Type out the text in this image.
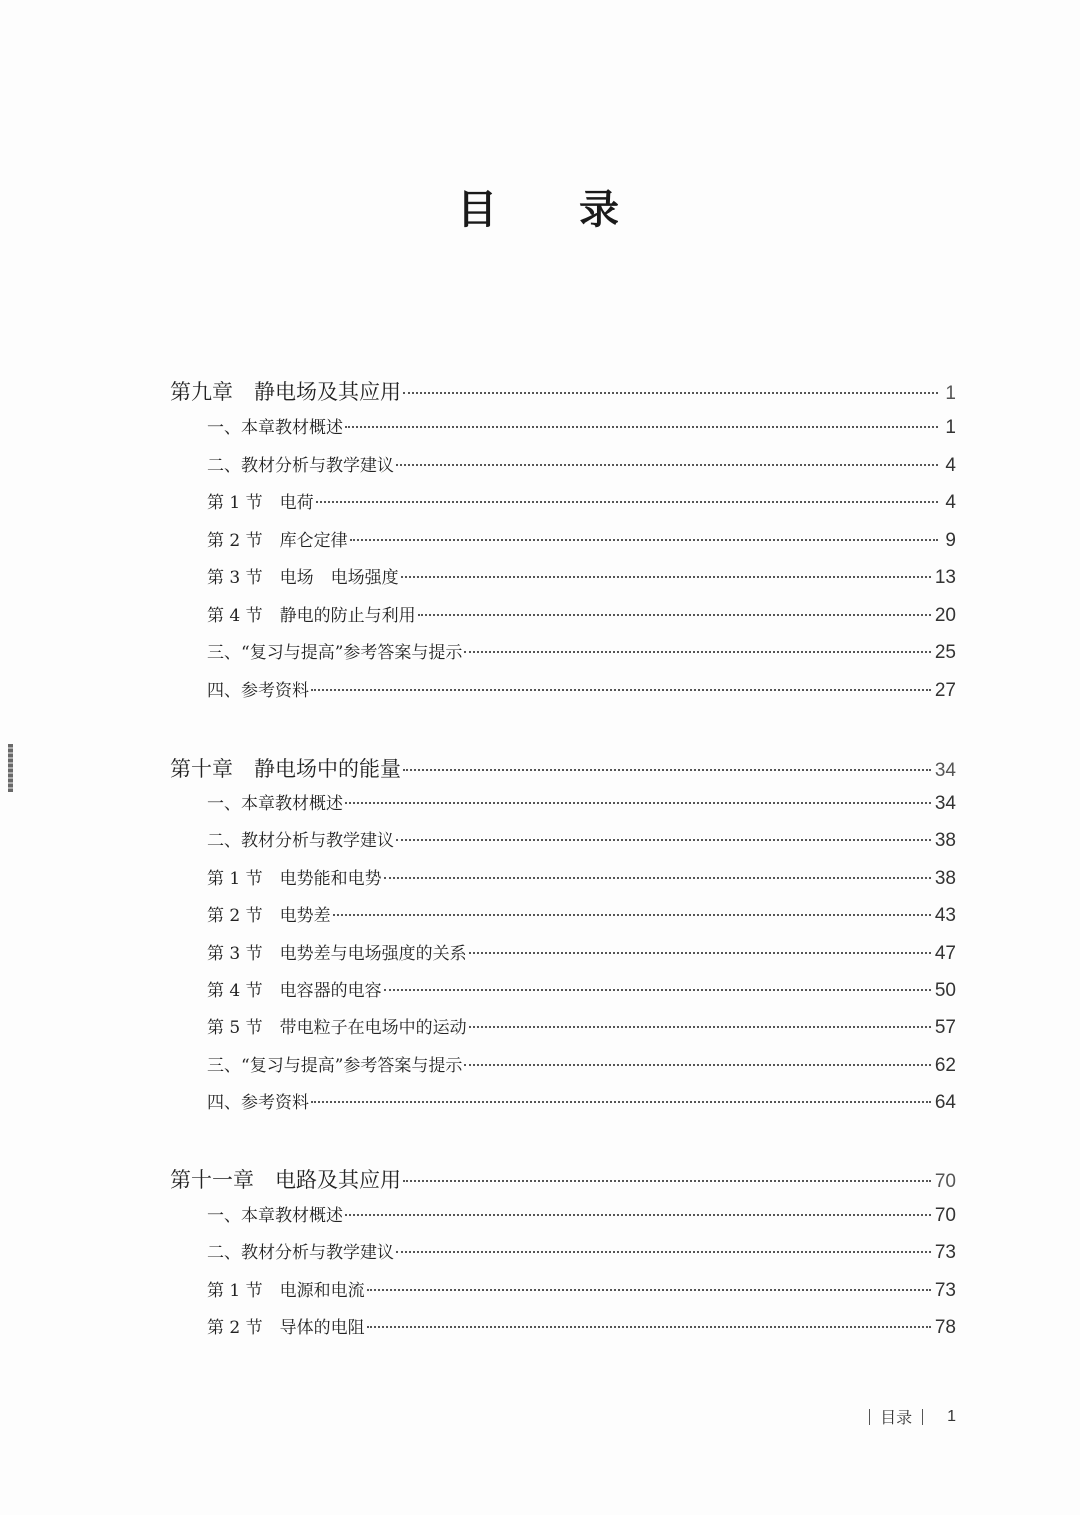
目 录
第九章　静电场及其应用	1
一、本章教材概述	1
二、教材分析与教学建议	4
第 1 节　电荷	4
第 2 节　库仑定律	9
第 3 节　电场　电场强度	13
第 4 节　静电的防止与利用	20
三、“复习与提高”参考答案与提示	25
四、参考资料	27
第十章　静电场中的能量	34
一、本章教材概述	34
二、教材分析与教学建议	38
第 1 节　电势能和电势	38
第 2 节　电势差	43
第 3 节　电势差与电场强度的关系	47
第 4 节　电容器的电容	50
第 5 节　带电粒子在电场中的运动	57
三、“复习与提高”参考答案与提示	62
四、参考资料	64
第十一章　电路及其应用	70
一、本章教材概述	70
二、教材分析与教学建议	73
第 1 节　电源和电流	73
第 2 节　导体的电阻	78
目录 1
